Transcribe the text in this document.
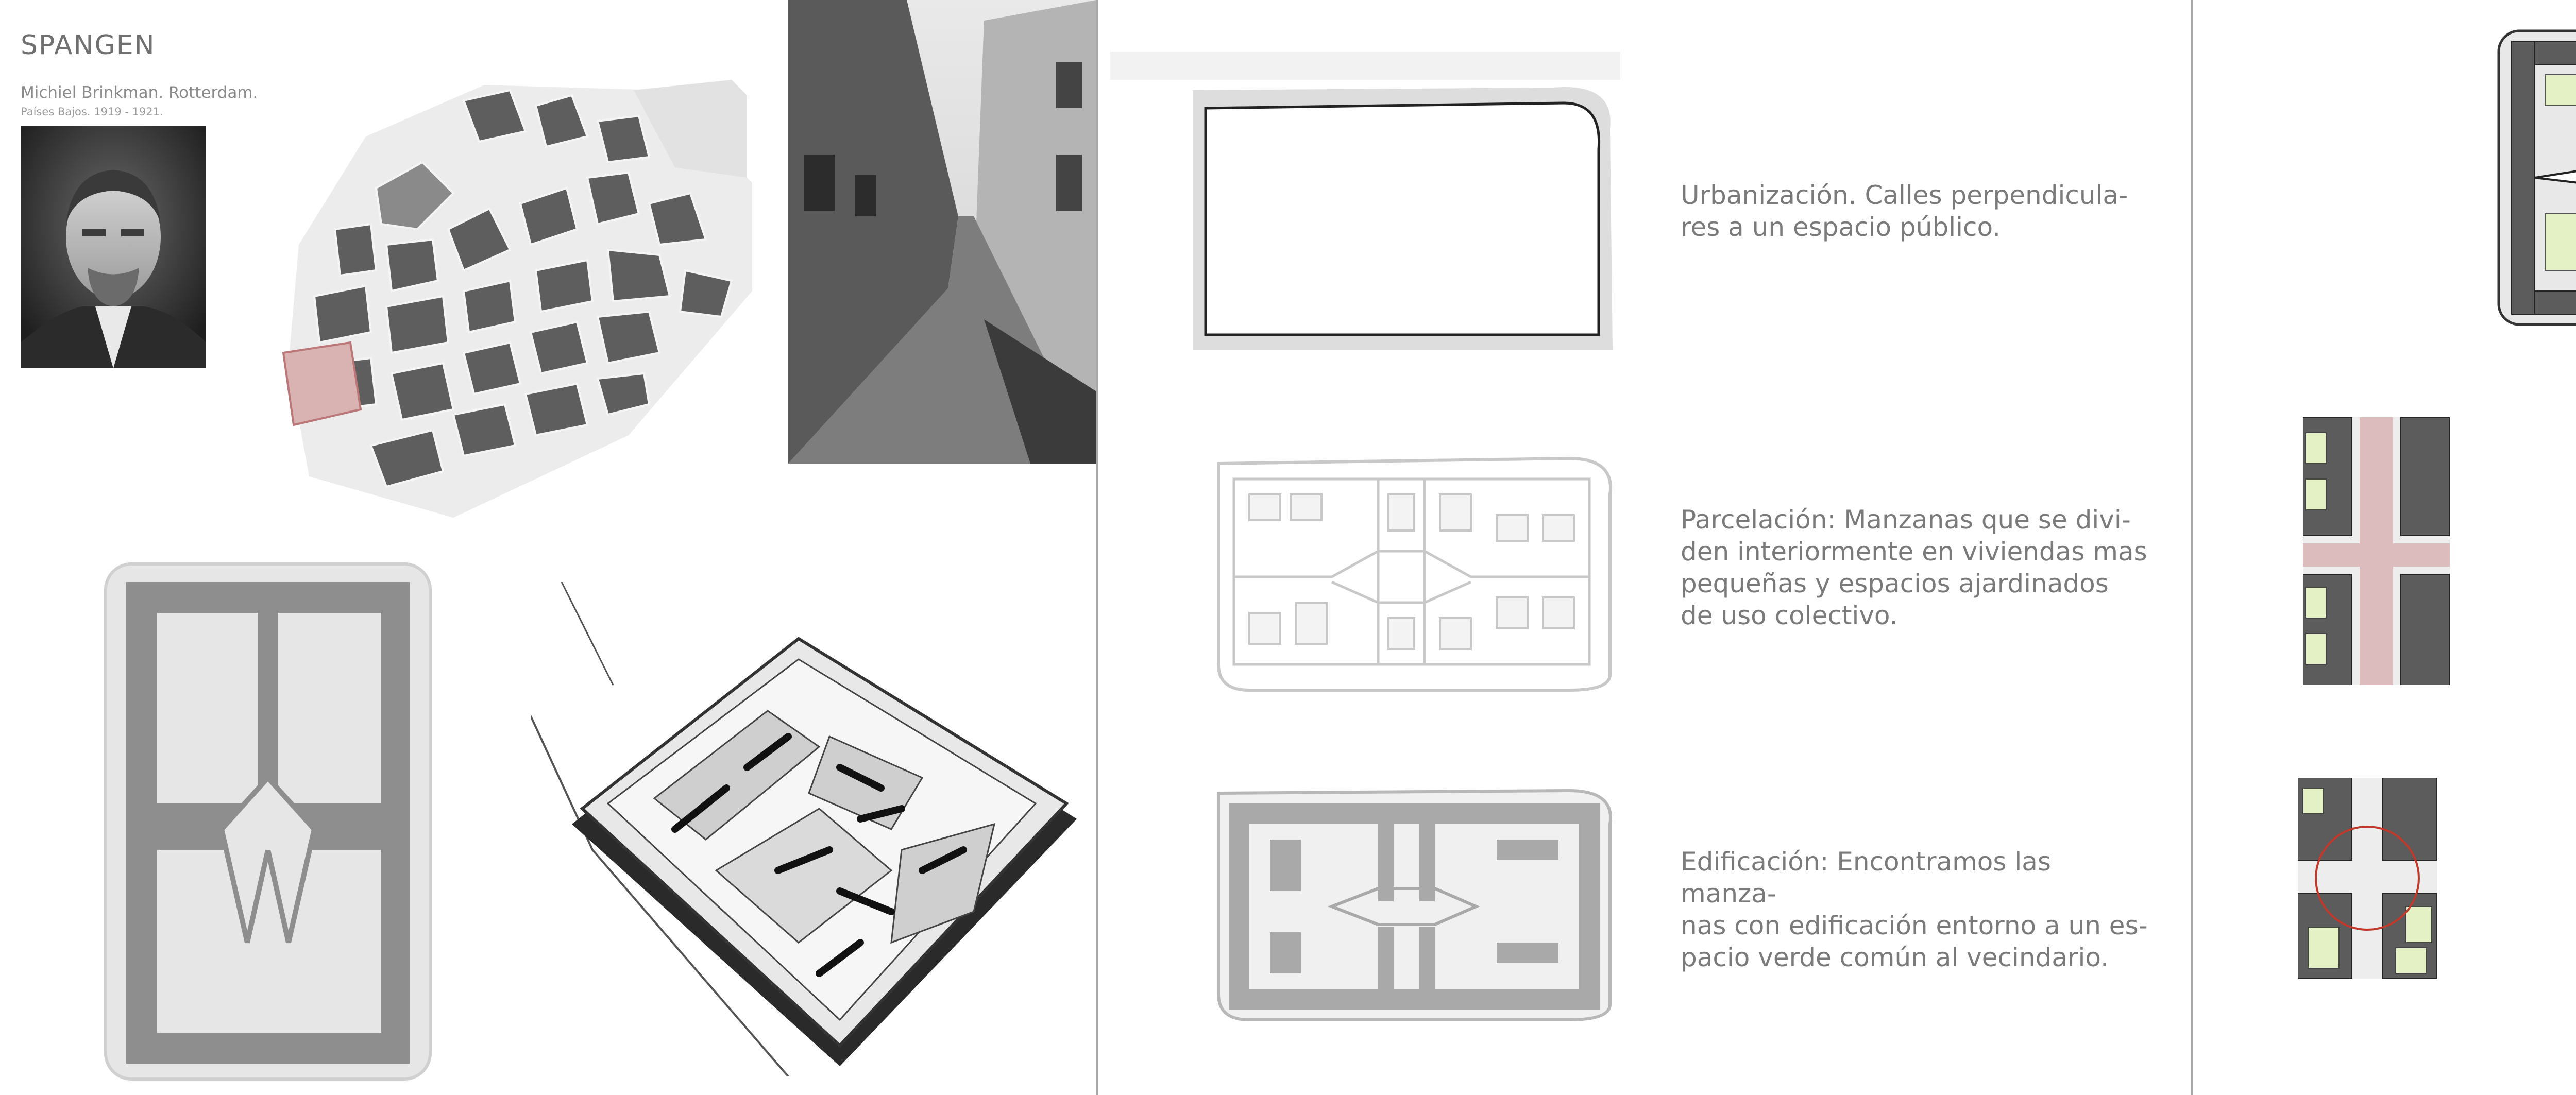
SPANGEN
Michiel Brinkman. Rotterdam.
Países Bajos. 1919 - 1921.
Urbanización. Calles perpendicula-
res a un espacio público.
Parcelación: Manzanas que se divi-
den interiormente en viviendas mas
pequeñas y espacios ajardinados
de uso colectivo.
Edificación: Encontramos las manza-
nas con edificación entorno a un es-
pacio verde común al vecindario.
